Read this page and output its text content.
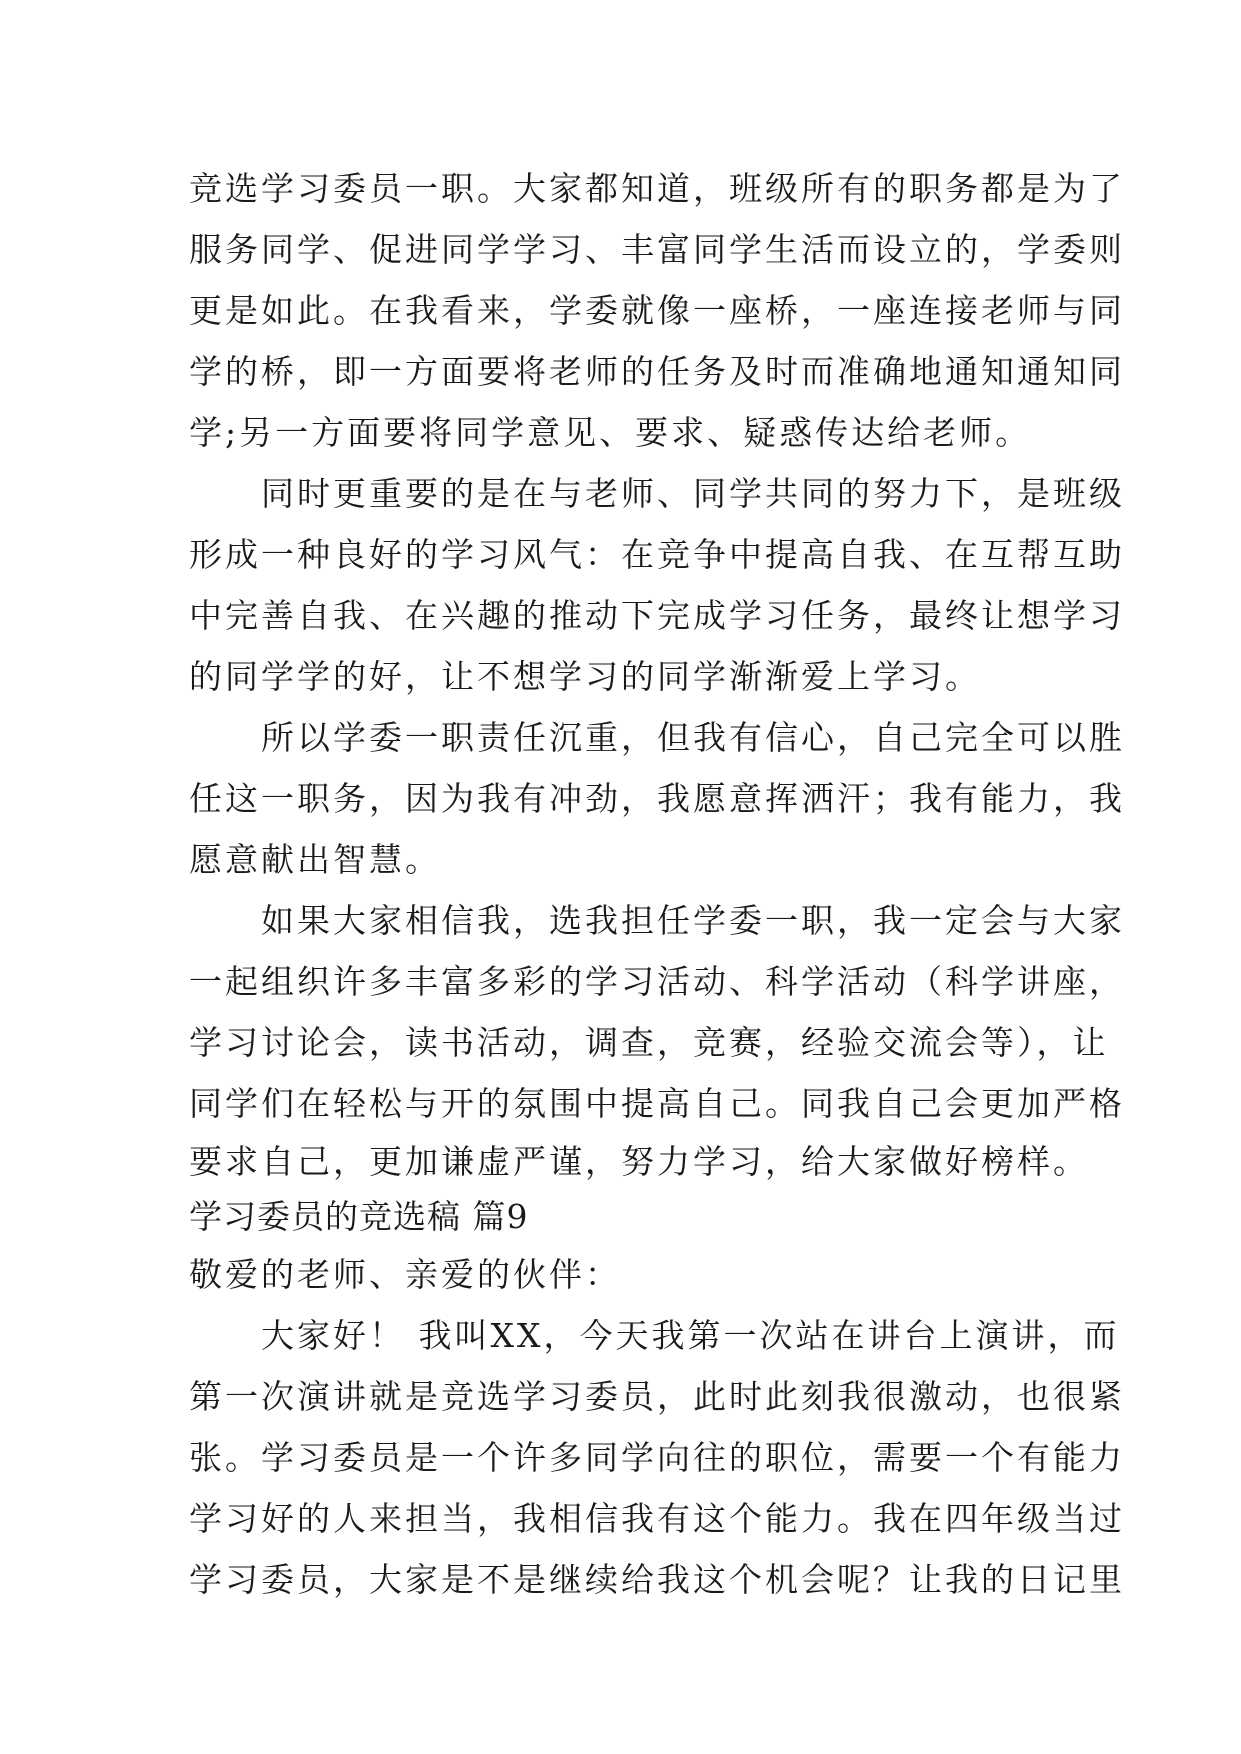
竞选学习委员一职。大家都知道，班级所有的职务都是为了
服务同学、促进同学学习、丰富同学生活而设立的，学委则
更是如此。在我看来，学委就像一座桥，一座连接老师与同
学的桥，即一方面要将老师的任务及时而准确地通知通知同
学;另一方面要将同学意见、要求、疑惑传达给老师。
　　同时更重要的是在与老师、同学共同的努力下，是班级
形成一种良好的学习风气：在竞争中提高自我、在互帮互助
中完善自我、在兴趣的推动下完成学习任务，最终让想学习
的同学学的好，让不想学习的同学渐渐爱上学习。
　　所以学委一职责任沉重，但我有信心，自己完全可以胜
任这一职务，因为我有冲劲，我愿意挥洒汗；我有能力，我
愿意献出智慧。
　　如果大家相信我，选我担任学委一职，我一定会与大家
一起组织许多丰富多彩的学习活动、科学活动（科学讲座，
学习讨论会，读书活动，调查，竞赛，经验交流会等），让
同学们在轻松与开的氛围中提高自己。同我自己会更加严格
要求自己，更加谦虚严谨，努力学习，给大家做好榜样。
学习委员的竞选稿 篇9
敬爱的老师、亲爱的伙伴：
　　大家好！ 我叫XX，今天我第一次站在讲台上演讲，而
第一次演讲就是竞选学习委员，此时此刻我很激动，也很紧
张。学习委员是一个许多同学向往的职位，需要一个有能力
学习好的人来担当，我相信我有这个能力。我在四年级当过
学习委员，大家是不是继续给我这个机会呢？让我的日记里
